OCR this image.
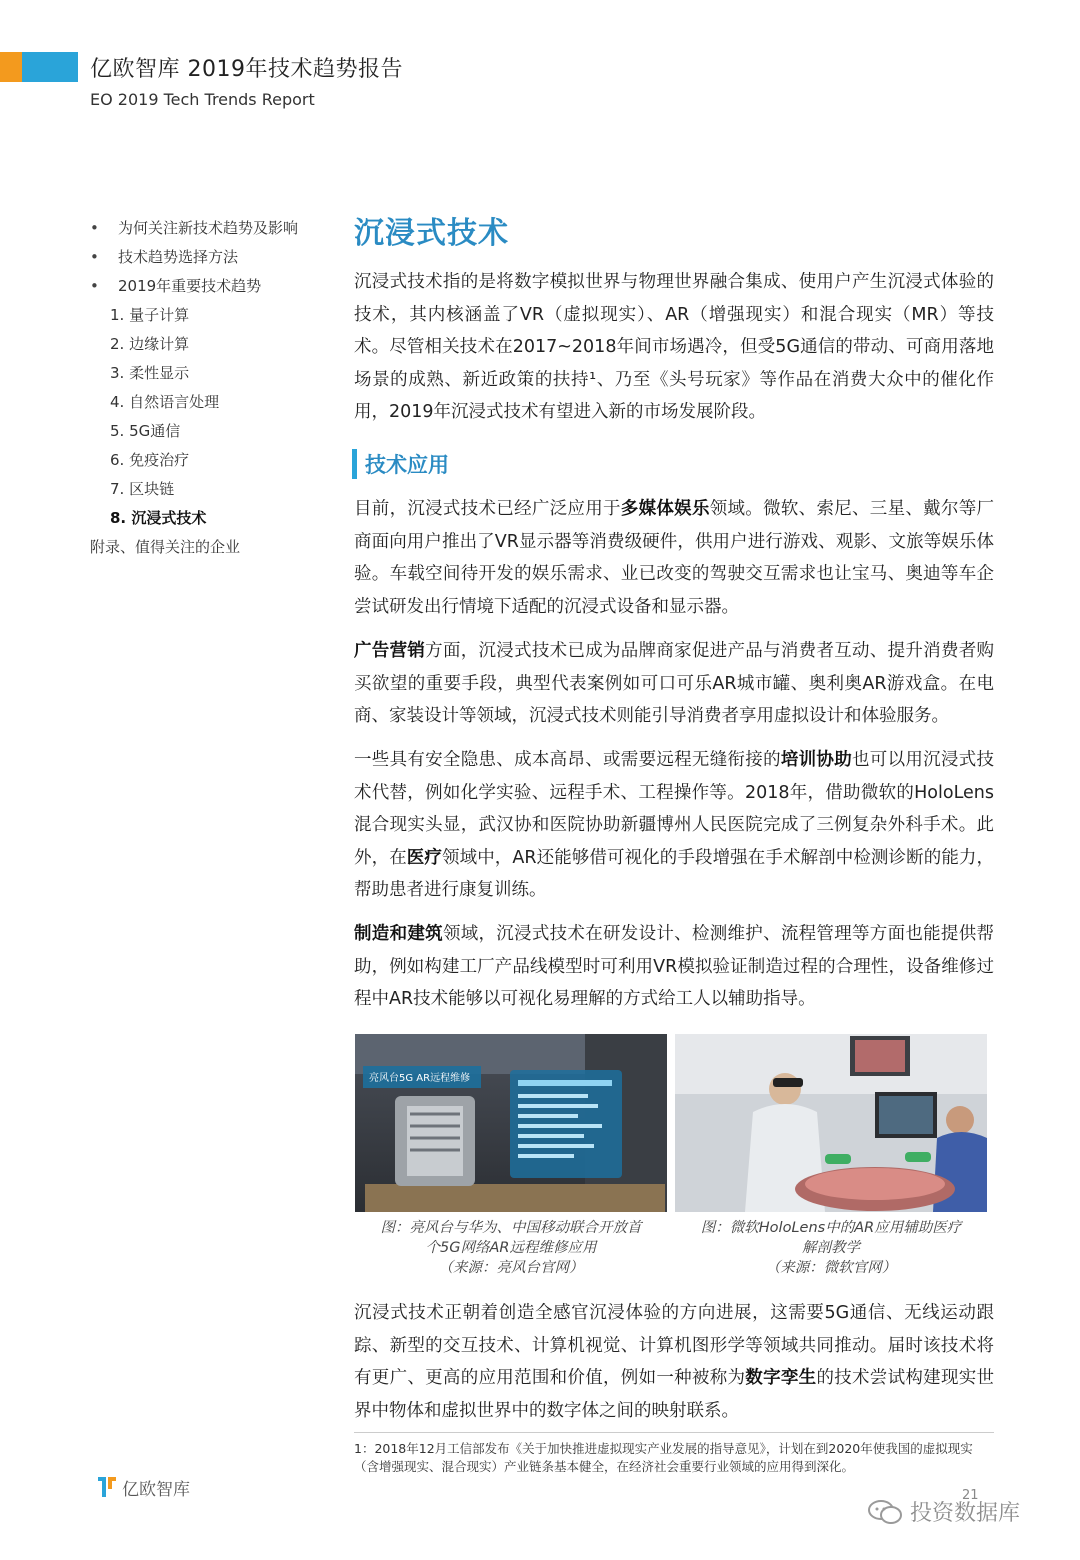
亿欧智库 2019年技术趋势报告
EO 2019 Tech Trends Report
• 为何关注新技术趋势及影响
• 技术趋势选择方法
• 2019年重要技术趋势
1. 量子计算
2. 边缘计算
3. 柔性显示
4. 自然语言处理
5. 5G通信
6. 免疫治疗
7. 区块链
8. 沉浸式技术
附录、值得关注的企业
沉浸式技术

沉浸式技术指的是将数字模拟世界与物理世界融合集成、使用户产生沉浸式体验的技术，其内核涵盖了VR（虚拟现实）、AR（增强现实）和混合现实（MR）等技术。尽管相关技术在2017~2018年间市场遇冷，但受5G通信的带动、可商用落地场景的成熟、新近政策的扶持¹、乃至《头号玩家》等作品在消费大众中的催化作用，2019年沉浸式技术有望进入新的市场发展阶段。

技术应用

目前，沉浸式技术已经广泛应用于多媒体娱乐领域。微软、索尼、三星、戴尔等厂商面向用户推出了VR显示器等消费级硬件，供用户进行游戏、观影、文旅等娱乐体验。车载空间待开发的娱乐需求、业已改变的驾驶交互需求也让宝马、奥迪等车企尝试研发出行情境下适配的沉浸式设备和显示器。

广告营销方面，沉浸式技术已成为品牌商家促进产品与消费者互动、提升消费者购买欲望的重要手段，典型代表案例如可口可乐AR城市罐、奥利奥AR游戏盒。在电商、家装设计等领域，沉浸式技术则能引导消费者享用虚拟设计和体验服务。

一些具有安全隐患、成本高昂、或需要远程无缝衔接的培训协助也可以用沉浸式技术代替，例如化学实验、远程手术、工程操作等。2018年，借助微软的HoloLens混合现实头显，武汉协和医院协助新疆博州人民医院完成了三例复杂外科手术。此外，在医疗领域中，AR还能够借可视化的手段增强在手术解剖中检测诊断的能力，帮助患者进行康复训练。

制造和建筑领域，沉浸式技术在研发设计、检测维护、流程管理等方面也能提供帮助，例如构建工厂产品线模型时可利用VR模拟验证制造过程的合理性，设备维修过程中AR技术能够以可视化易理解的方式给工人以辅助指导。

亮风台5G AR远程维修
图：亮风台与华为、中国移动联合开放首
个5G网络AR远程维修应用
（来源：亮风台官网）
图：微软HoloLens中的AR应用辅助医疗
解剖教学
（来源：微软官网）

沉浸式技术正朝着创造全感官沉浸体验的方向进展，这需要5G通信、无线运动跟踪、新型的交互技术、计算机视觉、计算机图形学等领域共同推动。届时该技术将有更广、更高的应用范围和价值，例如一种被称为数字孪生的技术尝试构建现实世界中物体和虚拟世界中的数字体之间的映射联系。

1：2018年12月工信部发布《关于加快推进虚拟现实产业发展的指导意见》，计划在到2020年使我国的虚拟现实（含增强现实、混合现实）产业链条基本健全，在经济社会重要行业领域的应用得到深化。
亿欧智库	21
投资数据库
